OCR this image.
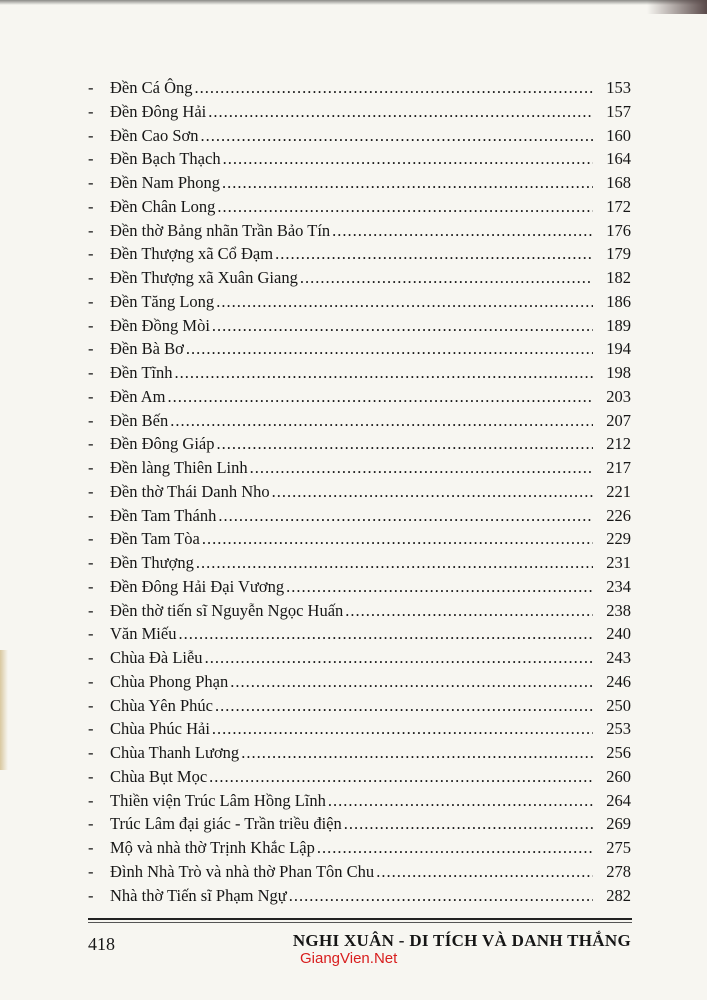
-	Đền Cá Ông .....	153
-	Đền Đông Hải .....	157
-	Đền Cao Sơn .....	160
-	Đền Bạch Thạch .....	164
-	Đền Nam Phong .....	168
-	Đền Chân Long .....	172
-	Đền thờ Bảng nhãn Trần Bảo Tín .....	176
-	Đền Thượng xã Cổ Đạm .....	179
-	Đền Thượng xã Xuân Giang .....	182
-	Đền Tăng Long .....	186
-	Đền Đồng Mòi .....	189
-	Đền Bà Bơ .....	194
-	Đền Tĩnh .....	198
-	Đền Am .....	203
-	Đền Bến .....	207
-	Đền Đông Giáp .....	212
-	Đền làng Thiên Linh .....	217
-	Đền thờ Thái Danh Nho .....	221
-	Đền Tam Thánh .....	226
-	Đền Tam Tòa .....	229
-	Đền Thượng .....	231
-	Đền Đông Hải Đại Vương .....	234
-	Đền thờ tiến sĩ Nguyễn Ngọc Huấn .....	238
-	Văn Miếu .....	240
-	Chùa Đà Liễu .....	243
-	Chùa Phong Phạn .....	246
-	Chùa Yên Phúc .....	250
-	Chùa Phúc Hải .....	253
-	Chùa Thanh Lương .....	256
-	Chùa Bụt Mọc .....	260
-	Thiền viện Trúc Lâm Hồng Lĩnh .....	264
-	Trúc Lâm đại giác - Trần triều điện .....	269
-	Mộ và nhà thờ Trịnh Khắc Lập .....	275
-	Đình Nhà Trò và nhà thờ Phan Tôn Chu .....	278
-	Nhà thờ Tiến sĩ Phạm Ngự .....	282
418	NGHI XUÂN - DI TÍCH VÀ DANH THẮNG
GiangVien.Net
